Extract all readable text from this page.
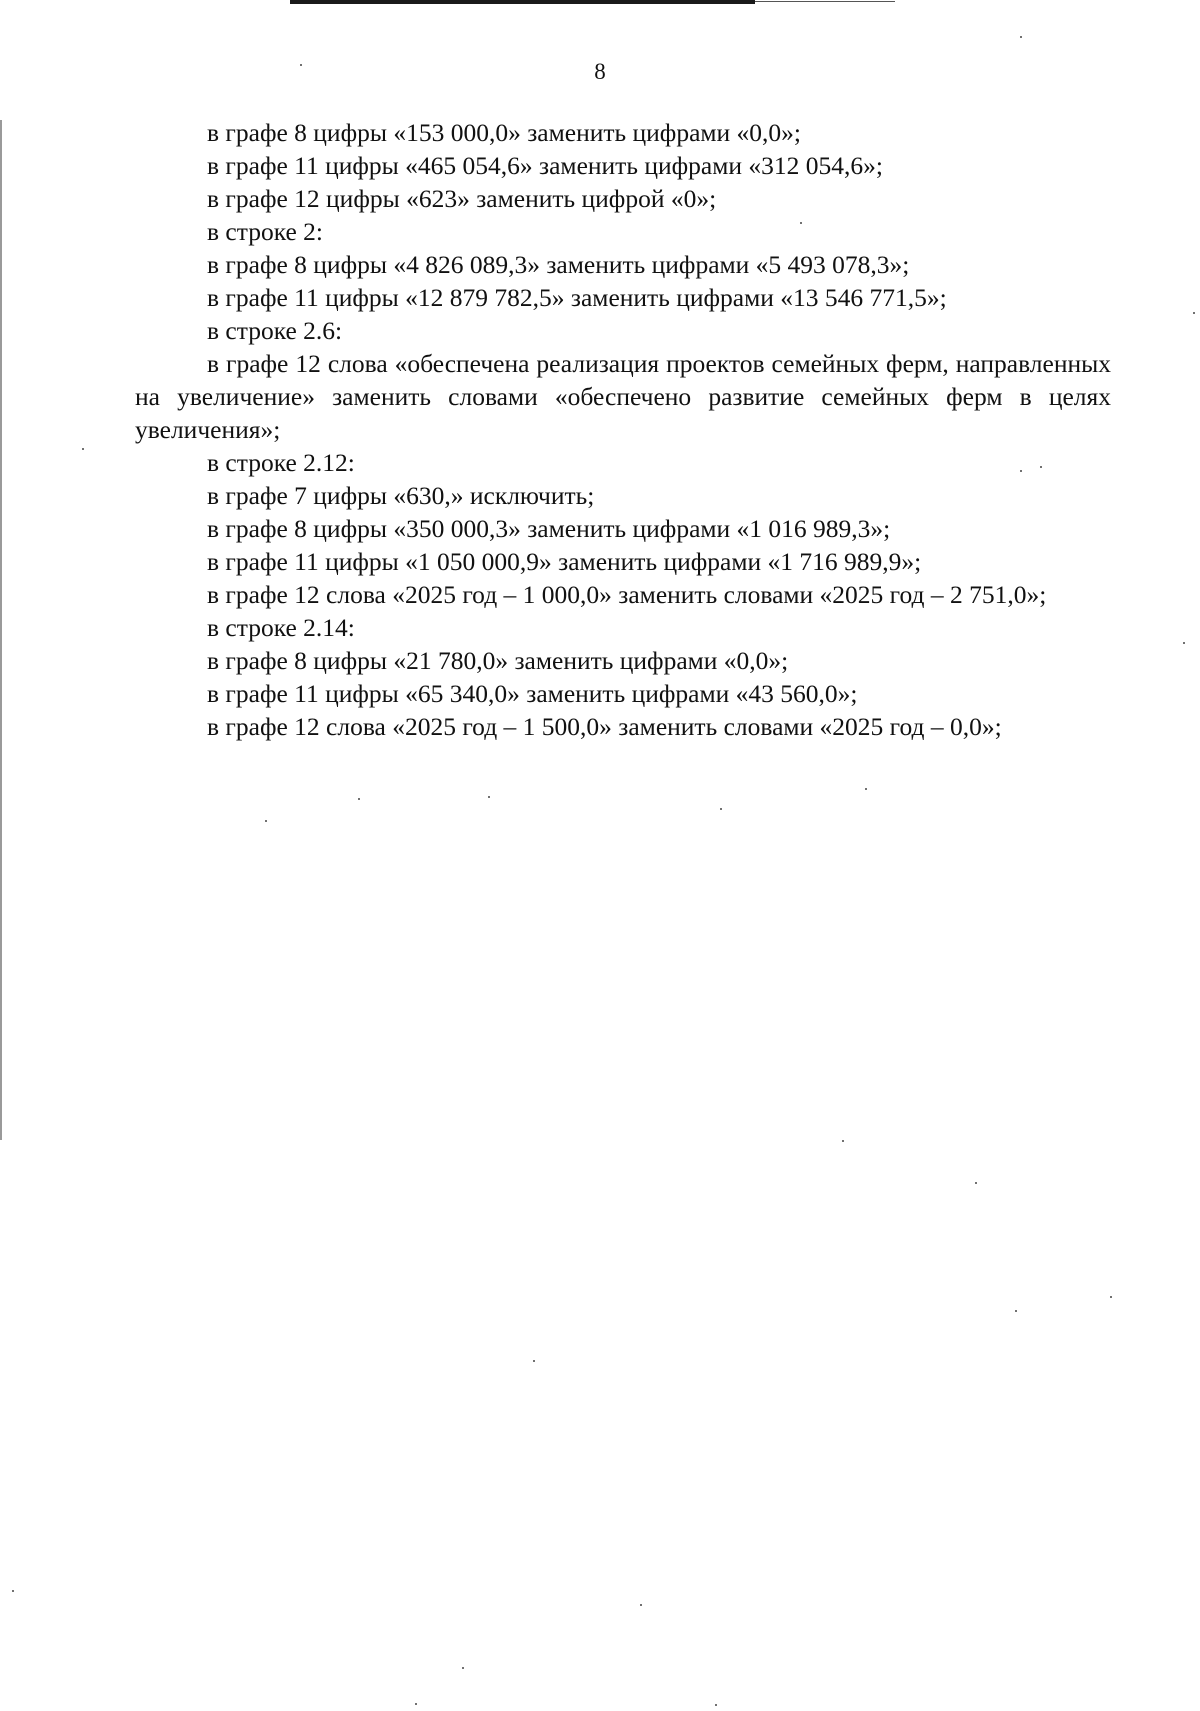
8

в графе 8 цифры «153 000,0» заменить цифрами «0,0»;

в графе 11 цифры «465 054,6» заменить цифрами «312 054,6»;

в графе 12 цифры «623» заменить цифрой «0»;

в строке 2:

в графе 8 цифры «4 826 089,3» заменить цифрами «5 493 078,3»;

в графе 11 цифры «12 879 782,5» заменить цифрами «13 546 771,5»;

в строке 2.6:

в графе 12 слова «обеспечена реализация проектов семейных ферм, направленных на увеличение» заменить словами «обеспечено развитие семейных ферм в целях увеличения»;

в строке 2.12:

в графе 7 цифры «630,» исключить;

в графе 8 цифры «350 000,3» заменить цифрами «1 016 989,3»;

в графе 11 цифры «1 050 000,9» заменить цифрами «1 716 989,9»;

в графе 12 слова «2025 год – 1 000,0» заменить словами «2025 год – 2 751,0»;

в строке 2.14:

в графе 8 цифры «21 780,0» заменить цифрами «0,0»;

в графе 11 цифры «65 340,0» заменить цифрами «43 560,0»;

в графе 12 слова «2025 год – 1 500,0» заменить словами «2025 год – 0,0»;
